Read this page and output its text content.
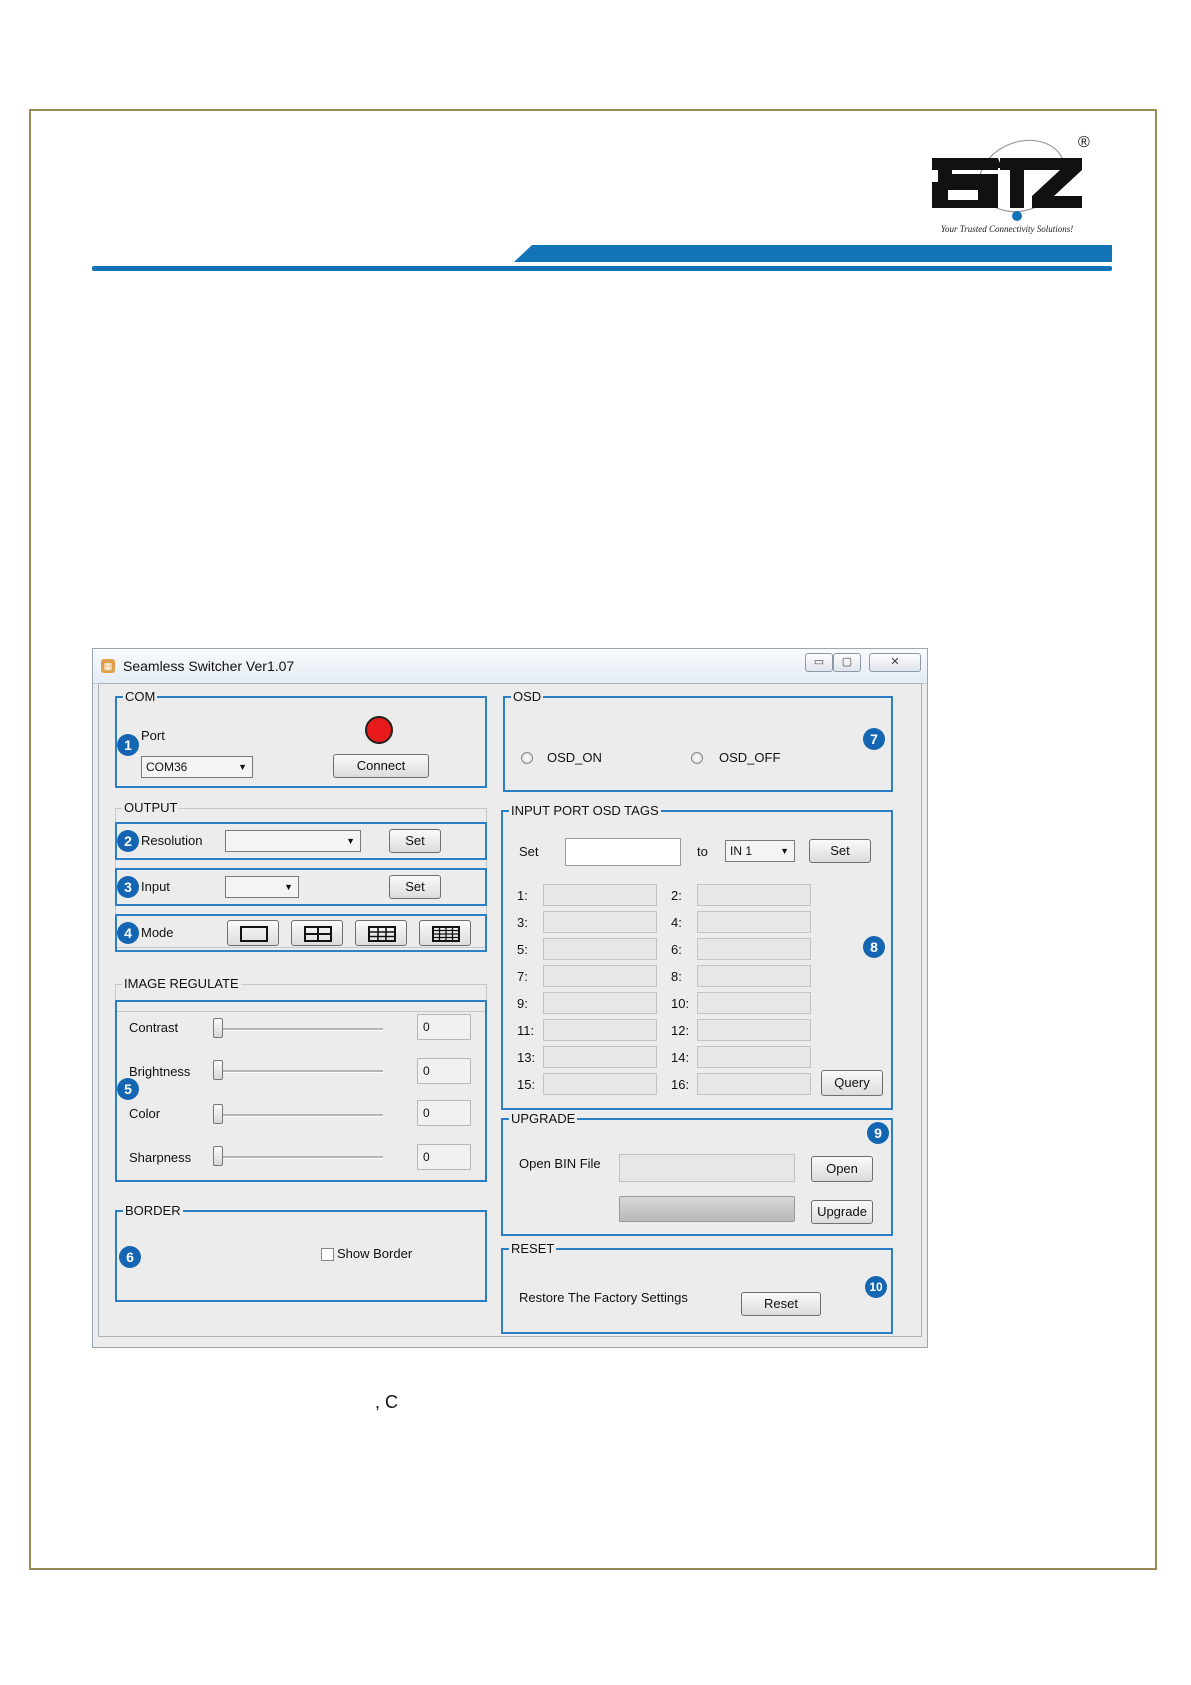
®
Your Trusted Connectivity Solutions!
▦ Seamless Switcher Ver1.07	▭	▢	✕
COM
1
Port
COM36	▼	Connect
OSD
OSD_ON	OSD_OFF
7
OUTPUT
2 Resolution	▼	Set
3 Input	▼	Set
4 Mode
INPUT PORT OSD TAGS
Set	to	IN 1	▼	Set
1:	2:
3:	4:
5:	6:
7:	8:
9:	10:
11:	12:
13:	14:
15:	16:
8
Query
IMAGE REGULATE
5
Contrast	0
Brightness	0
Color	0
Sharpness	0
UPGRADE
9
Open BIN File	Open
Upgrade
BORDER
6	Show Border	RESET
Restore The Factory Settings	Reset
10
, C
